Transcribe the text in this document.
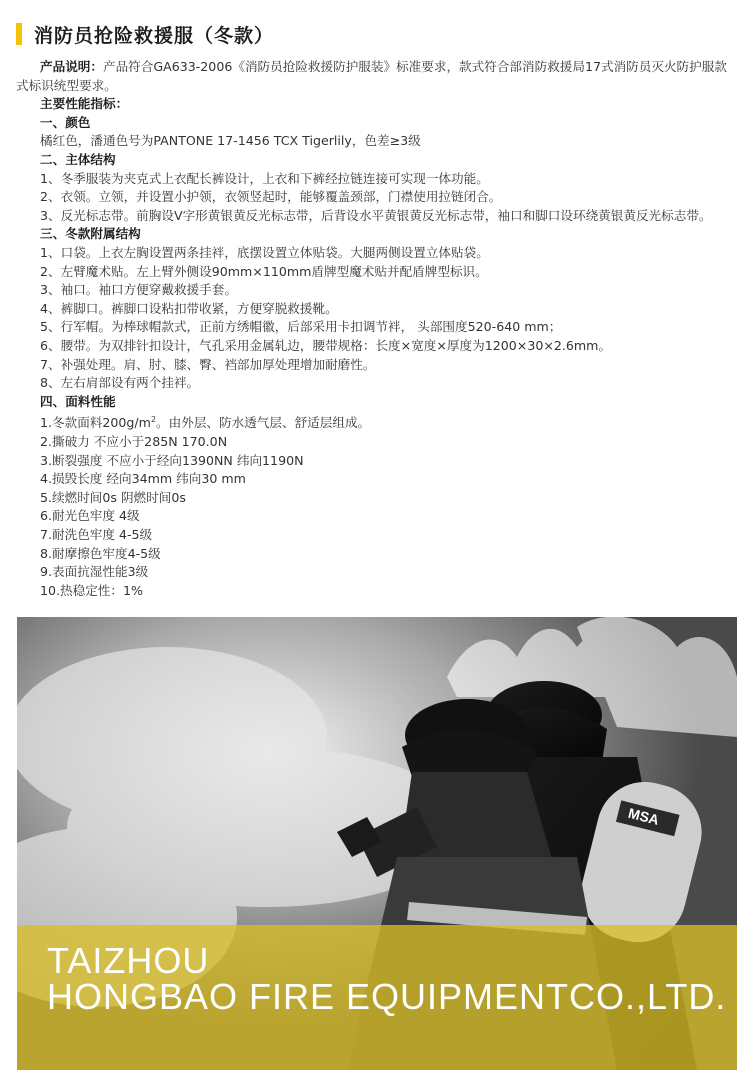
消防员抢险救援服（冬款）

产品说明：产品符合GA633-2006《消防员抢险救援防护服装》标准要求，款式符合部消防救援局17式消防员灭火防护服款式标识统型要求。

主要性能指标：

一、颜色

橘红色，潘通色号为PANTONE 17-1456 TCX Tigerlily，色差≥3级

二、主体结构

1、冬季服装为夹克式上衣配长裤设计，上衣和下裤经拉链连接可实现一体功能。

2、衣领。立领，并设置小护领，衣领竖起时，能够覆盖颈部，门襟使用拉链闭合。

3、反光标志带。前胸设V字形黄银黄反光标志带，后背设水平黄银黄反光标志带，袖口和脚口设环绕黄银黄反光标志带。

三、冬款附属结构

1、口袋。上衣左胸设置两条挂袢，底摆设置立体贴袋。大腿两侧设置立体贴袋。

2、左臂魔术贴。左上臂外侧设90mm×110mm盾牌型魔术贴并配盾牌型标识。

3、袖口。袖口方便穿戴救援手套。

4、裤脚口。裤脚口设粘扣带收紧，方便穿脱救援靴。

5、行军帽。为棒球帽款式，正前方绣帽徽，后部采用卡扣调节袢， 头部围度520-640 mm；

6、腰带。为双排针扣设计，气孔采用金属轧边，腰带规格：长度×宽度×厚度为1200×30×2.6mm。

7、补强处理。肩、肘、膝、臀、裆部加厚处理增加耐磨性。

8、左右肩部设有两个挂袢。

四、面料性能

1.冬款面料$200g/m^2$。由外层、防水透气层、舒适层组成。

2.撕破力 不应小于285N 170.0N

3.断裂强度 不应小于经向1390NN 纬向1190N

4.损毁长度 经向34mm 纬向30 mm

5.续燃时间0s 阴燃时间0s

6.耐光色牢度 4级

7.耐洗色牢度 4-5级

8.耐摩擦色牢度4-5级

9.表面抗湿性能3级

10.热稳定性：1%

MSA
TAIZHOU
HONGBAO FIRE EQUIPMENTCO.,LTD.
